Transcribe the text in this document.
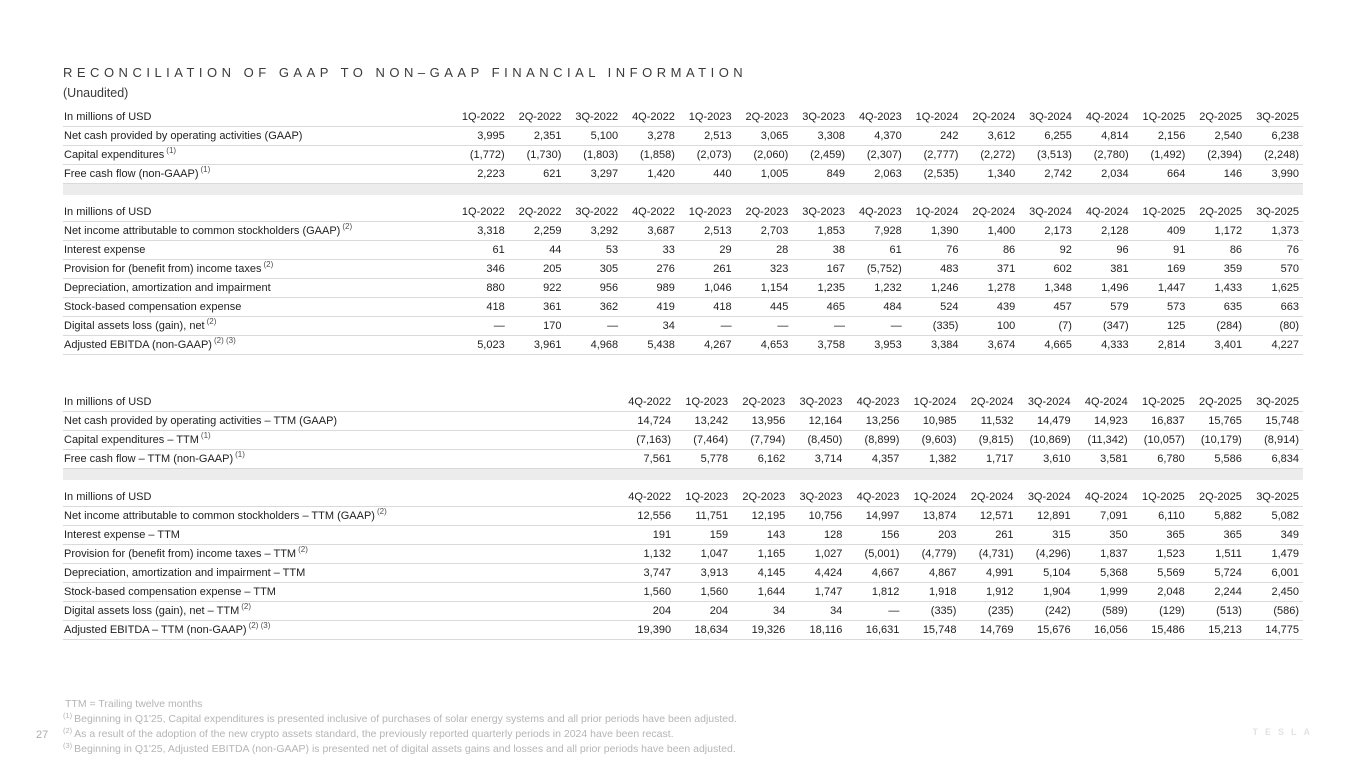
RECONCILIATION OF GAAP TO NON–GAAP FINANCIAL INFORMATION
(Unaudited)
In millions of USD	1Q-2022	2Q-2022	3Q-2022	4Q-2022	1Q-2023	2Q-2023	3Q-2023	4Q-2023	1Q-2024	2Q-2024	3Q-2024	4Q-2024	1Q-2025	2Q-2025	3Q-2025
Net cash provided by operating activities (GAAP)	3,995	2,351	5,100	3,278	2,513	3,065	3,308	4,370	242	3,612	6,255	4,814	2,156	2,540	6,238
Capital expenditures $^{(1)}$	(1,772)	(1,730)	(1,803)	(1,858)	(2,073)	(2,060)	(2,459)	(2,307)	(2,777)	(2,272)	(3,513)	(2,780)	(1,492)	(2,394)	(2,248)
Free cash flow (non-GAAP) $^{(1)}$	2,223	621	3,297	1,420	440	1,005	849	2,063	(2,535)	1,340	2,742	2,034	664	146	3,990
In millions of USD	1Q-2022	2Q-2022	3Q-2022	4Q-2022	1Q-2023	2Q-2023	3Q-2023	4Q-2023	1Q-2024	2Q-2024	3Q-2024	4Q-2024	1Q-2025	2Q-2025	3Q-2025
Net income attributable to common stockholders (GAAP) $^{(2)}$	3,318	2,259	3,292	3,687	2,513	2,703	1,853	7,928	1,390	1,400	2,173	2,128	409	1,172	1,373
Interest expense	61	44	53	33	29	28	38	61	76	86	92	96	91	86	76
Provision for (benefit from) income taxes $^{(2)}$	346	205	305	276	261	323	167	(5,752)	483	371	602	381	169	359	570
Depreciation, amortization and impairment	880	922	956	989	1,046	1,154	1,235	1,232	1,246	1,278	1,348	1,496	1,447	1,433	1,625
Stock-based compensation expense	418	361	362	419	418	445	465	484	524	439	457	579	573	635	663
Digital assets loss (gain), net $^{(2)}$	—	170	—	34	—	—	—	—	(335)	100	(7)	(347)	125	(284)	(80)
Adjusted EBITDA (non-GAAP) $^{(2) (3)}$	5,023	3,961	4,968	5,438	4,267	4,653	3,758	3,953	3,384	3,674	4,665	4,333	2,814	3,401	4,227
In millions of USD	4Q-2022	1Q-2023	2Q-2023	3Q-2023	4Q-2023	1Q-2024	2Q-2024	3Q-2024	4Q-2024	1Q-2025	2Q-2025	3Q-2025
Net cash provided by operating activities – TTM (GAAP)	14,724	13,242	13,956	12,164	13,256	10,985	11,532	14,479	14,923	16,837	15,765	15,748
Capital expenditures – TTM $^{(1)}$	(7,163)	(7,464)	(7,794)	(8,450)	(8,899)	(9,603)	(9,815)	(10,869)	(11,342)	(10,057)	(10,179)	(8,914)
Free cash flow – TTM (non-GAAP) $^{(1)}$	7,561	5,778	6,162	3,714	4,357	1,382	1,717	3,610	3,581	6,780	5,586	6,834
In millions of USD	4Q-2022	1Q-2023	2Q-2023	3Q-2023	4Q-2023	1Q-2024	2Q-2024	3Q-2024	4Q-2024	1Q-2025	2Q-2025	3Q-2025
Net income attributable to common stockholders – TTM (GAAP) $^{(2)}$	12,556	11,751	12,195	10,756	14,997	13,874	12,571	12,891	7,091	6,110	5,882	5,082
Interest expense – TTM	191	159	143	128	156	203	261	315	350	365	365	349
Provision for (benefit from) income taxes – TTM $^{(2)}$	1,132	1,047	1,165	1,027	(5,001)	(4,779)	(4,731)	(4,296)	1,837	1,523	1,511	1,479
Depreciation, amortization and impairment – TTM	3,747	3,913	4,145	4,424	4,667	4,867	4,991	5,104	5,368	5,569	5,724	6,001
Stock-based compensation expense – TTM	1,560	1,560	1,644	1,747	1,812	1,918	1,912	1,904	1,999	2,048	2,244	2,450
Digital assets loss (gain), net – TTM $^{(2)}$	204	204	34	34	—	(335)	(235)	(242)	(589)	(129)	(513)	(586)
Adjusted EBITDA – TTM (non-GAAP) $^{(2) (3)}$	19,390	18,634	19,326	18,116	16,631	15,748	14,769	15,676	16,056	15,486	15,213	14,775
TTM = Trailing twelve months
$^{(1)}$ Beginning in Q1'25, Capital expenditures is presented inclusive of purchases of solar energy systems and all prior periods have been adjusted.
$^{(2)}$ As a result of the adoption of the new crypto assets standard, the previously reported quarterly periods in 2024 have been recast.
$^{(3)}$ Beginning in Q1'25, Adjusted EBITDA (non-GAAP) is presented net of digital assets gains and losses and all prior periods have been adjusted.
27	TESLA
